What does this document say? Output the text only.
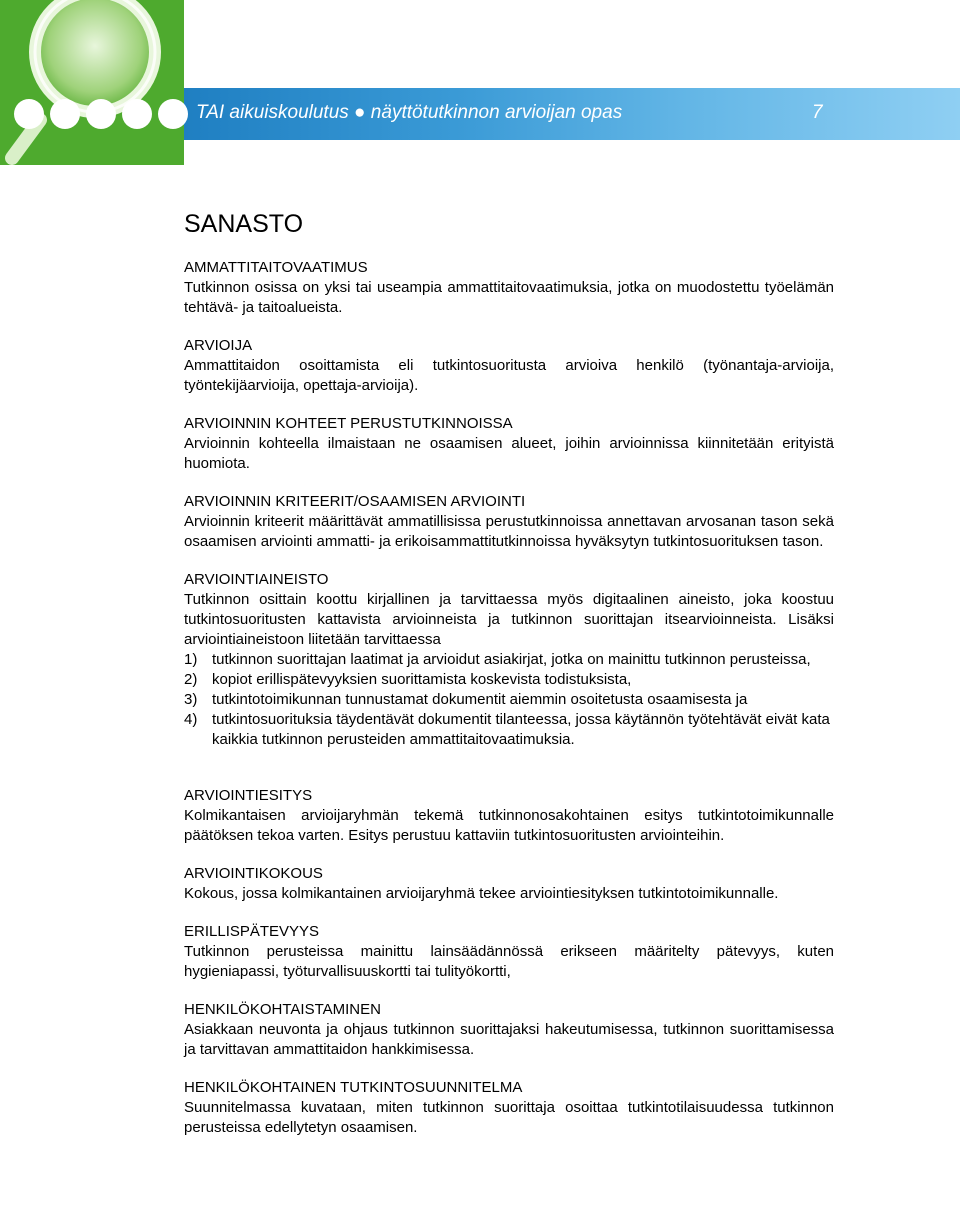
TAI aikuiskoulutus ● näyttötutkinnon arvioijan opas	7
SANASTO
AMMATTITAITOVAATIMUS
Tutkinnon osissa on yksi tai useampia ammattitaitovaatimuksia, jotka on muodostettu työelämän tehtävä- ja taitoalueista.
ARVIOIJA
Ammattitaidon osoittamista eli tutkintosuoritusta arvioiva henkilö (työnantaja-arvioija, työntekijäarvioija, opettaja-arvioija).
ARVIOINNIN KOHTEET PERUSTUTKINNOISSA
Arvioinnin kohteella ilmaistaan ne osaamisen alueet, joihin arvioinnissa kiinnitetään erityistä huomiota.
ARVIOINNIN KRITEERIT/OSAAMISEN ARVIOINTI
Arvioinnin kriteerit määrittävät ammatillisissa perustutkinnoissa annettavan arvosanan tason sekä osaamisen arviointi ammatti- ja erikoisammattitutkinnoissa hyväksytyn tutkintosuorituksen tason.
ARVIOINTIAINEISTO
Tutkinnon osittain koottu kirjallinen ja tarvittaessa myös digitaalinen aineisto, joka koostuu tutkintosuoritusten kattavista arvioinneista ja tutkinnon suorittajan itsearvioinneista. Lisäksi arviointiaineistoon liitetään tarvittaessa
1) tutkinnon suorittajan laatimat ja arvioidut asiakirjat, jotka on mainittu tutkinnon perusteissa,
2) kopiot erillispätevyyksien suorittamista koskevista todistuksista,
3) tutkintotoimikunnan tunnustamat dokumentit aiemmin osoitetusta osaamisesta ja
4) tutkintosuorituksia täydentävät dokumentit tilanteessa, jossa käytännön työtehtävät eivät kata kaikkia tutkinnon perusteiden ammattitaitovaatimuksia.
ARVIOINTIESITYS
Kolmikantaisen arvioijaryhmän tekemä tutkinnonosakohtainen esitys tutkintotoimikunnalle päätöksen tekoa varten. Esitys perustuu kattaviin tutkintosuoritusten arviointeihin.
ARVIOINTIKOKOUS
Kokous, jossa kolmikantainen arvioijaryhmä tekee arviointiesityksen tutkintotoimikunnalle.
ERILLISPÄTEVYYS
Tutkinnon perusteissa mainittu lainsäädännössä erikseen määritelty pätevyys, kuten hygieniapassi, työturvallisuuskortti tai tulityökortti,
HENKILÖKOHTAISTAMINEN
Asiakkaan neuvonta ja ohjaus tutkinnon suorittajaksi hakeutumisessa, tutkinnon suorittamisessa ja tarvittavan ammattitaidon hankkimisessa.
HENKILÖKOHTAINEN TUTKINTOSUUNNITELMA
Suunnitelmassa kuvataan, miten tutkinnon suorittaja osoittaa tutkintotilaisuudessa tutkinnon perusteissa edellytetyn osaamisen.
